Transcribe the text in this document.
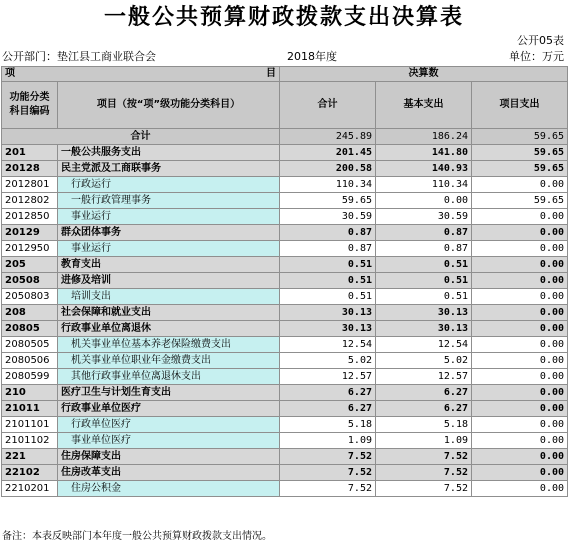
一般公共预算财政拨款支出决算表
公开05表
公开部门：垫江县工商业联合会	2018年度	单位：万元
项 目		决算数		
功能分类科目编码	项目（按“项”级功能分类科目）	合计	基本支出	项目支出
合计		245.89	186.24	59.65
201	一般公共服务支出	201.45	141.80	59.65
20128	民主党派及工商联事务	200.58	140.93	59.65
2012801	行政运行	110.34	110.34	0.00
2012802	一般行政管理事务	59.65	0.00	59.65
2012850	事业运行	30.59	30.59	0.00
20129	群众团体事务	0.87	0.87	0.00
2012950	事业运行	0.87	0.87	0.00
205	教育支出	0.51	0.51	0.00
20508	进修及培训	0.51	0.51	0.00
2050803	培训支出	0.51	0.51	0.00
208	社会保障和就业支出	30.13	30.13	0.00
20805	行政事业单位离退休	30.13	30.13	0.00
2080505	机关事业单位基本养老保险缴费支出	12.54	12.54	0.00
2080506	机关事业单位职业年金缴费支出	5.02	5.02	0.00
2080599	其他行政事业单位离退休支出	12.57	12.57	0.00
210	医疗卫生与计划生育支出	6.27	6.27	0.00
21011	行政事业单位医疗	6.27	6.27	0.00
2101101	行政单位医疗	5.18	5.18	0.00
2101102	事业单位医疗	1.09	1.09	0.00
221	住房保障支出	7.52	7.52	0.00
22102	住房改革支出	7.52	7.52	0.00
2210201	住房公积金	7.52	7.52	0.00
备注：本表反映部门本年度一般公共预算财政拨款支出情况。
